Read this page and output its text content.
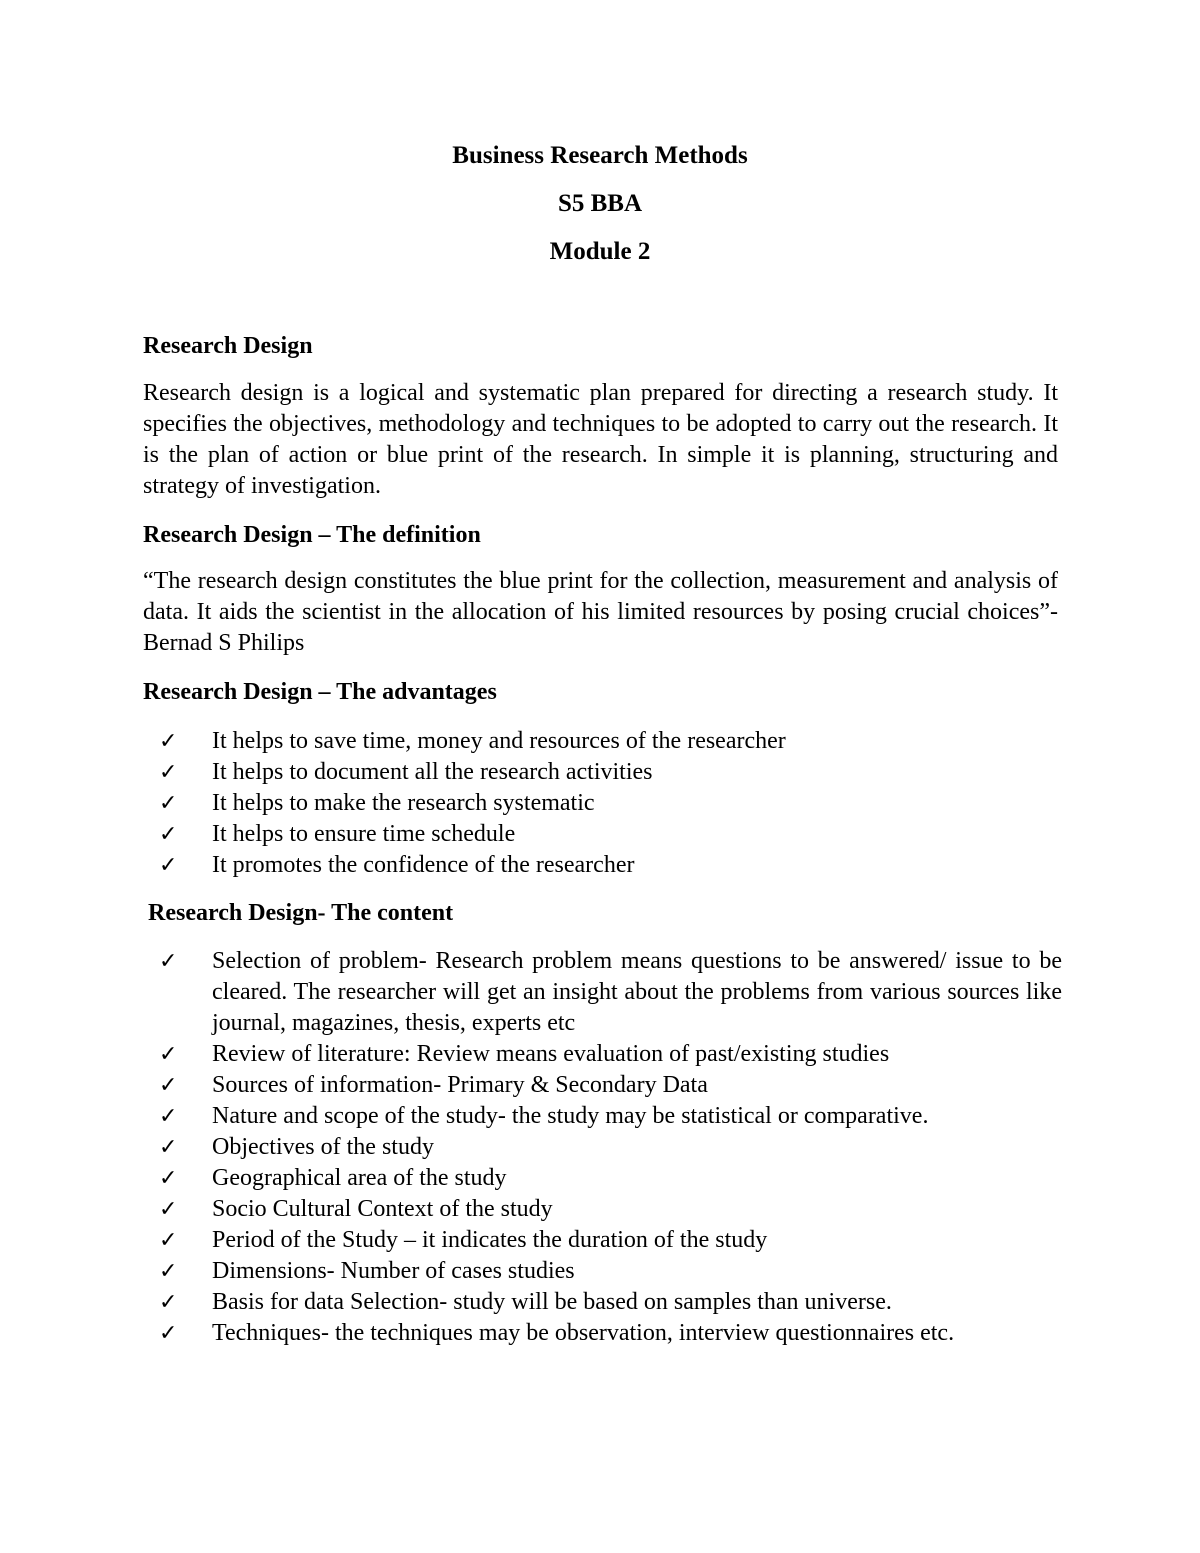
Business Research Methods
S5 BBA
Module 2
Research Design
Research design is a logical and systematic plan prepared for directing a research study. It specifies the objectives, methodology and techniques to be adopted to carry out the research. It is the plan of action or blue print of the research. In simple it is planning, structuring and strategy of investigation.
Research Design – The definition
“The research design constitutes the blue print for the collection, measurement and analysis of data. It aids the scientist in the allocation of his limited resources by posing crucial choices”- Bernad S Philips
Research Design – The advantages
✓	It helps to save time, money and resources of the researcher
✓	It helps to document all the research activities
✓	It helps to make the research systematic
✓	It helps to ensure time schedule
✓	It promotes the confidence of the researcher
Research Design- The content
✓	Selection of problem- Research problem means questions to be answered/ issue to be cleared. The researcher will get an insight about the problems from various sources like journal, magazines, thesis, experts etc
✓	Review of literature: Review means evaluation of past/existing studies
✓	Sources of information- Primary & Secondary Data
✓	Nature and scope of the study- the study may be statistical or comparative.
✓	Objectives of the study
✓	Geographical area of the study
✓	Socio Cultural Context of the study
✓	Period of the Study – it indicates the duration of the study
✓	Dimensions- Number of cases studies
✓	Basis for data Selection- study will be based on samples than universe.
✓	Techniques- the techniques may be observation, interview questionnaires etc.
